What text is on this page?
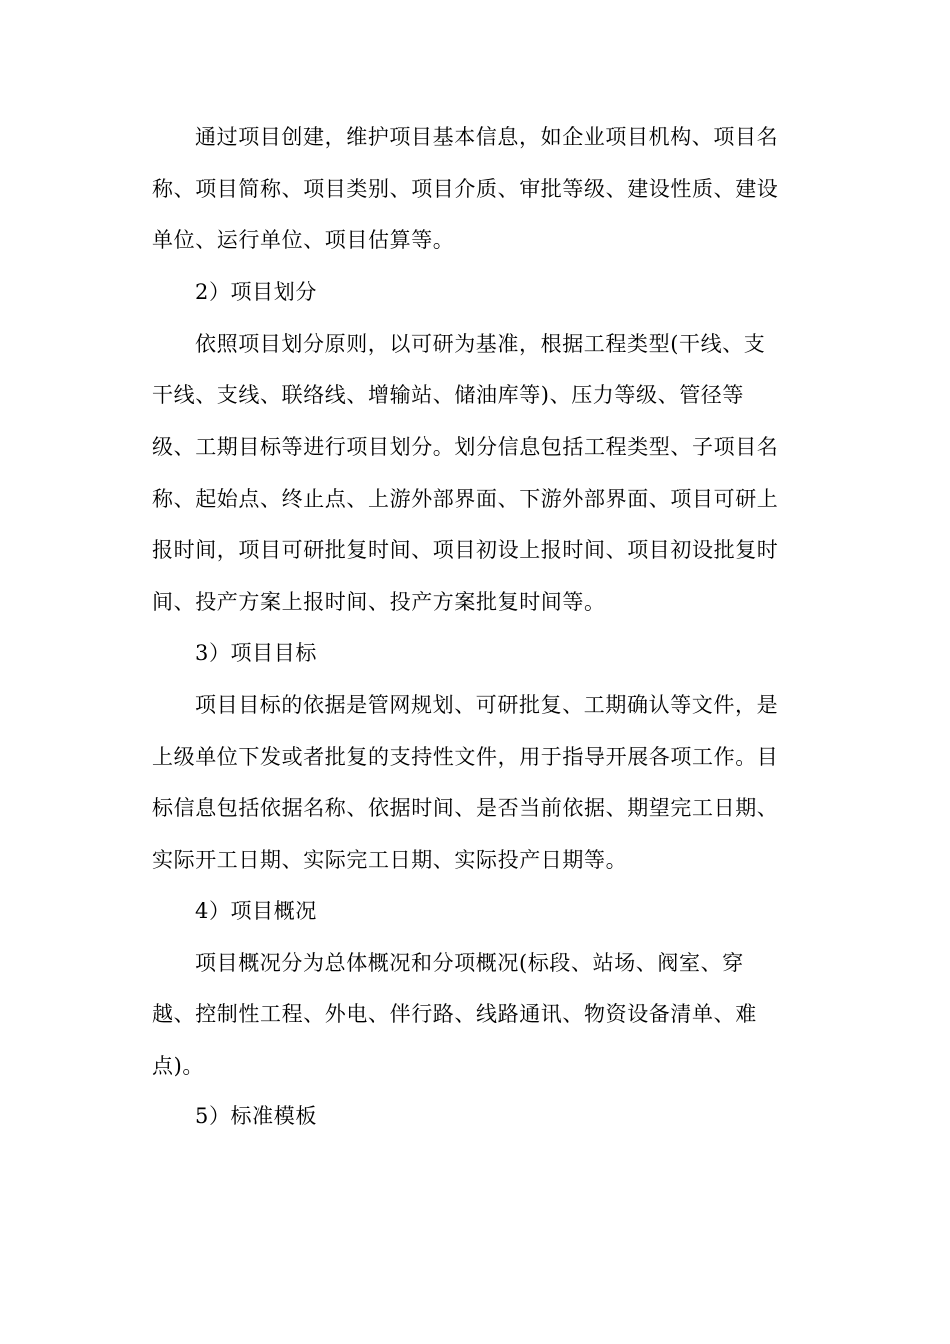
通过项目创建，维护项目基本信息，如企业项目机构、项目名
称、项目简称、项目类别、项目介质、审批等级、建设性质、建设
单位、运行单位、项目估算等。
2）项目划分
依照项目划分原则，以可研为基准，根据工程类型(干线、支
干线、支线、联络线、增输站、储油库等)、压力等级、管径等
级、工期目标等进行项目划分。划分信息包括工程类型、子项目名
称、起始点、终止点、上游外部界面、下游外部界面、项目可研上
报时间，项目可研批复时间、项目初设上报时间、项目初设批复时
间、投产方案上报时间、投产方案批复时间等。
3）项目目标
项目目标的依据是管网规划、可研批复、工期确认等文件，是
上级单位下发或者批复的支持性文件，用于指导开展各项工作。目
标信息包括依据名称、依据时间、是否当前依据、期望完工日期、
实际开工日期、实际完工日期、实际投产日期等。
4）项目概况
项目概况分为总体概况和分项概况(标段、站场、阀室、穿
越、控制性工程、外电、伴行路、线路通讯、物资设备清单、难
点)。
5）标准模板
